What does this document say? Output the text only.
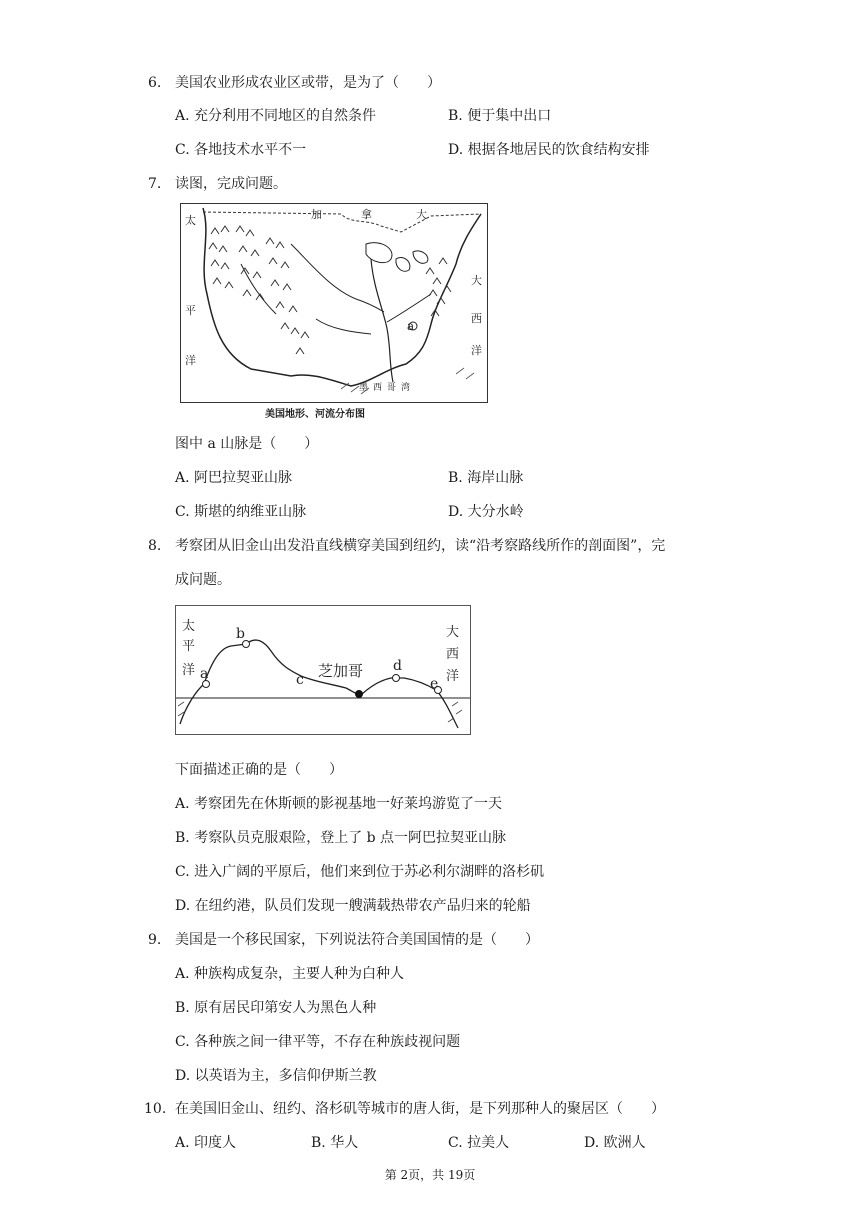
6. 美国农业形成农业区或带，是为了（　　）
A. 充分利用不同地区的自然条件	B. 便于集中出口
C. 各地技术水平不一	D. 根据各地居民的饮食结构安排
7. 读图，完成问题。
太
平
洋
加	拿	大
大
西
洋
墨 西 哥 湾
a
美国地形、河流分布图
图中 a 山脉是（　　）
A. 阿巴拉契亚山脉	B. 海岸山脉
C. 斯堪的纳维亚山脉	D. 大分水岭
8. 考察团从旧金山出发沿直线横穿美国到纽约，读“沿考察路线所作的剖面图”，完
成问题。
太
平
洋
大
西
洋
a
b
c 芝加哥 d
e
下面描述正确的是（　　）
A. 考察团先在休斯顿的影视基地一好莱坞游览了一天
B. 考察队员克服艰险，登上了 b 点一阿巴拉契亚山脉
C. 进入广阔的平原后，他们来到位于苏必利尔湖畔的洛杉矶
D. 在纽约港，队员们发现一艘满载热带农产品归来的轮船
9. 美国是一个移民国家，下列说法符合美国国情的是（　　）
A. 种族构成复杂，主要人种为白种人
B. 原有居民印第安人为黑色人种
C. 各种族之间一律平等，不存在种族歧视问题
D. 以英语为主，多信仰伊斯兰教
10. 在美国旧金山、纽约、洛杉矶等城市的唐人街，是下列那种人的聚居区（　　）
A. 印度人	B. 华人	C. 拉美人	D. 欧洲人
第 2页，共 19页
